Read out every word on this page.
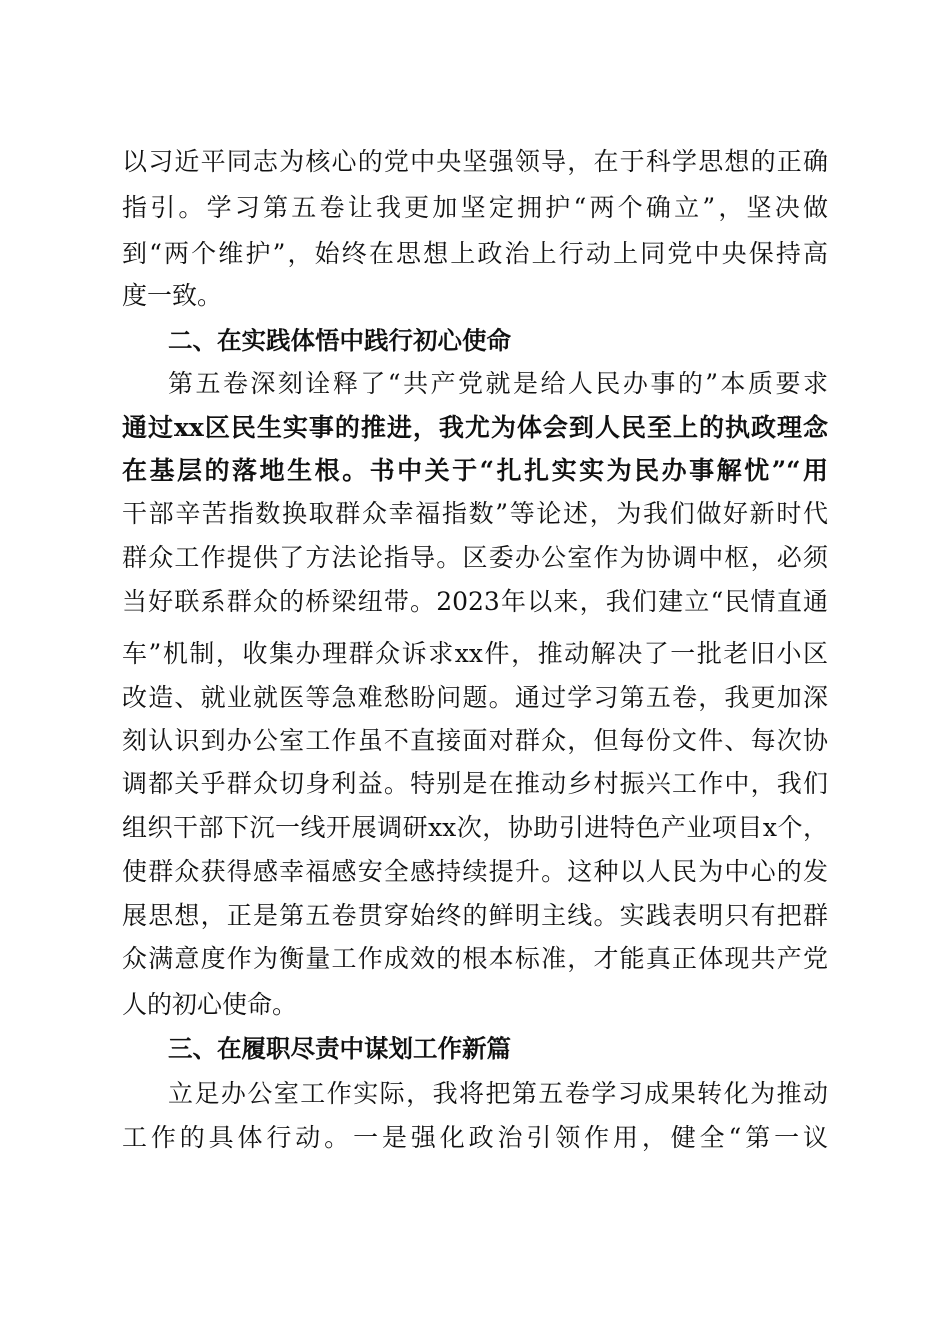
以习近平同志为核心的党中央坚强领导，在于科学思想的正确
指引。学习第五卷让我更加坚定拥护“两个确立”，坚决做
到“两个维护”，始终在思想上政治上行动上同党中央保持高
度一致。
二、在实践体悟中践行初心使命
第五卷深刻诠释了“共产党就是给人民办事的”本质要求
通过xx区民生实事的推进，我尤为体会到人民至上的执政理念
在基层的落地生根。书中关于“扎扎实实为民办事解忧”“用
干部辛苦指数换取群众幸福指数”等论述，为我们做好新时代
群众工作提供了方法论指导。区委办公室作为协调中枢，必须
当好联系群众的桥梁纽带。2023年以来，我们建立“民情直通
车”机制，收集办理群众诉求xx件，推动解决了一批老旧小区
改造、就业就医等急难愁盼问题。通过学习第五卷，我更加深
刻认识到办公室工作虽不直接面对群众，但每份文件、每次协
调都关乎群众切身利益。特别是在推动乡村振兴工作中，我们
组织干部下沉一线开展调研xx次，协助引进特色产业项目x个，
使群众获得感幸福感安全感持续提升。这种以人民为中心的发
展思想，正是第五卷贯穿始终的鲜明主线。实践表明只有把群
众满意度作为衡量工作成效的根本标准，才能真正体现共产党
人的初心使命。
三、在履职尽责中谋划工作新篇
立足办公室工作实际，我将把第五卷学习成果转化为推动
工作的具体行动。一是强化政治引领作用，健全“第一议
